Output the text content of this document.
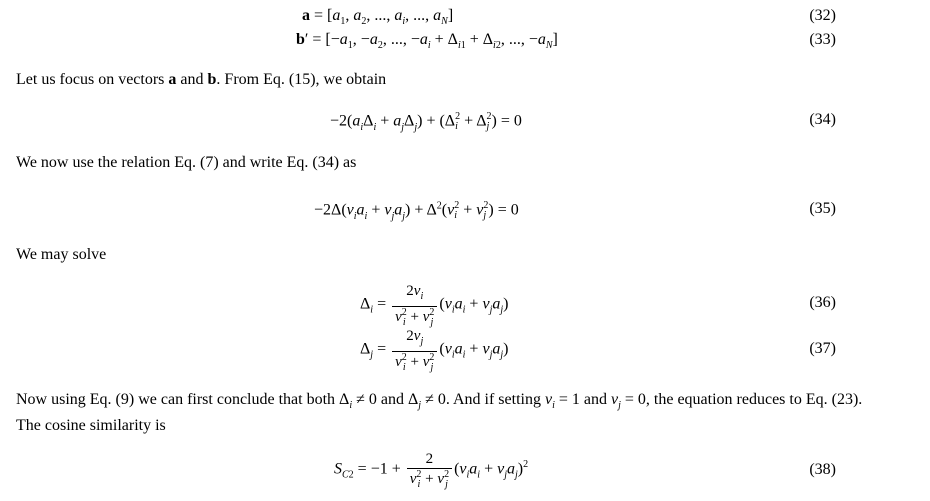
$a = [a_1$, $a_2$, ..., $a_i$, ..., $a_N$]	(32)
$b' = [-a_1$, $-a_2$, ..., $-a_i + \Delta_{i1} + \Delta_{i2}$, ..., $-a_N$]	(33)
Let us focus on vectors a and b. From Eq. (15), we obtain
$-2(a_i\Delta_i + a_j\Delta_j) + (\Delta$ 2
i + Δ 2
j ) = 0	(34)
We now use the relation Eq. (7) and write Eq. (34) as
$-2\Delta(v_ia_i + v_ja_j) + \Delta^2(v$ 2
i + v 2
j ) = 0	(35)
We may solve
$\Delta_i = 2v_i$
v 2
i + v 2
j $(v_ia_i + v_ja_j)$	(36)
$\Delta_j = 2v_j$
v 2
i + v 2
j $(v_ia_i + v_ja_j)$	(37)
Now using Eq. (9) we can first conclude that both $\Delta_i \ne 0$ and $\Delta_j \ne 0$. And if setting $v_i = 1$ and $v_j = 0$, the equation reduces to Eq. (23).
The cosine similarity is
$S_{C2} = -1 + 2$
v 2
i + v 2
j $(v_ia_i + v_ja_j)^2$	(38)
